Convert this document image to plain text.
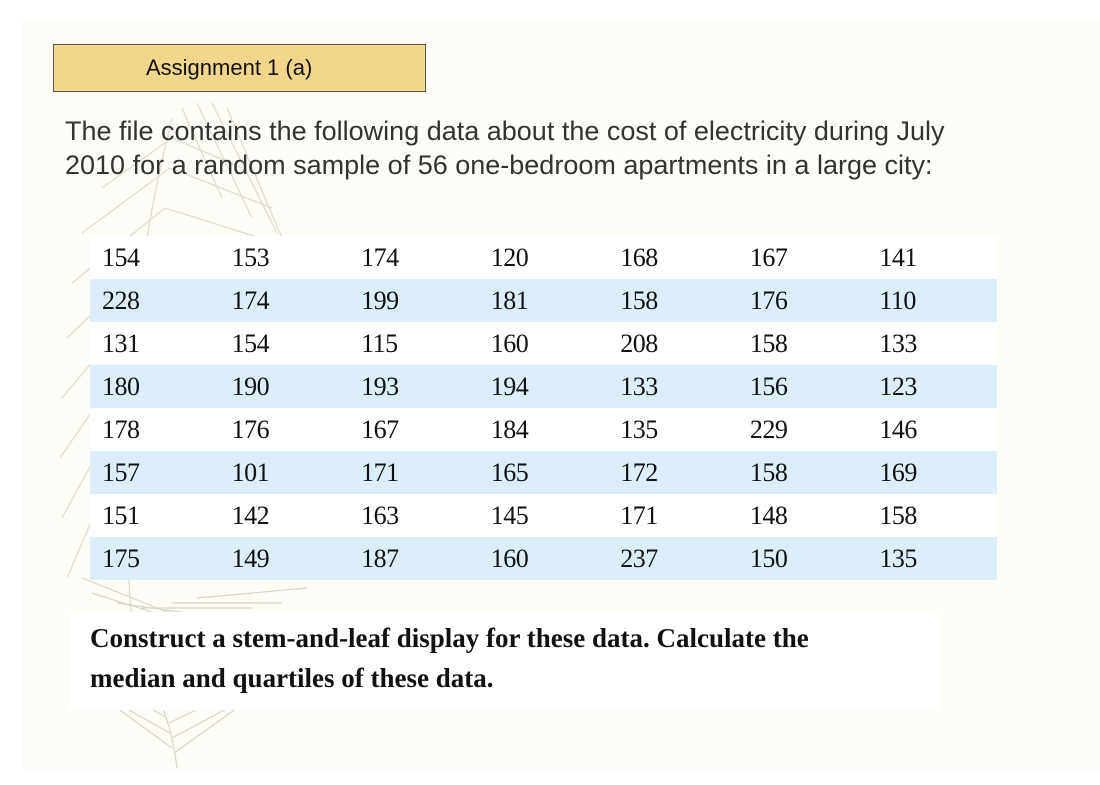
Assignment 1 (a)

The file contains the following data about the cost of electricity during July
2010 for a random sample of 56 one-bedroom apartments in a large city:

154	153	174	120	168	167	141
228	174	199	181	158	176	110
131	154	115	160	208	158	133
180	190	193	194	133	156	123
178	176	167	184	135	229	146
157	101	171	165	172	158	169
151	142	163	145	171	148	158
175	149	187	160	237	150	135
Construct a stem-and-leaf display for these data. Calculate the
median and quartiles of these data.
